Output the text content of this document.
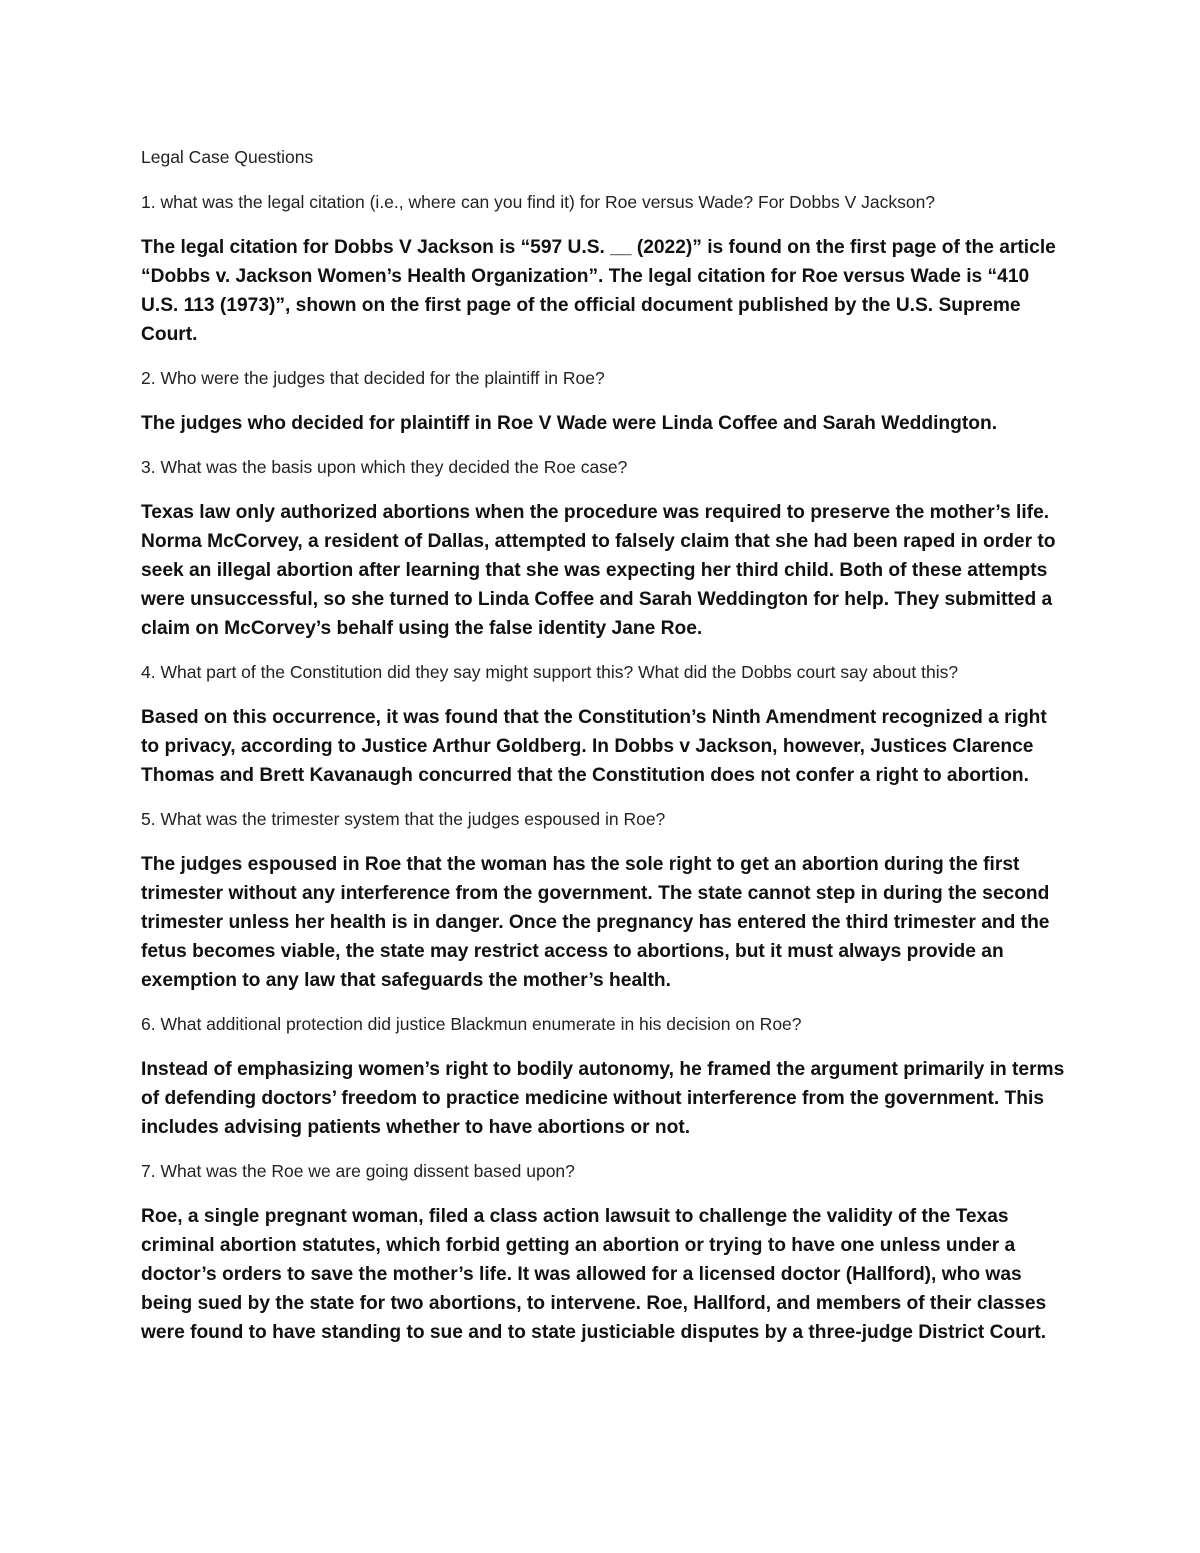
Legal Case Questions

1. what was the legal citation (i.e., where can you find it) for Roe versus Wade? For Dobbs V Jackson?

The legal citation for Dobbs V Jackson is “597 U.S. __ (2022)” is found on the first page of the article “Dobbs v. Jackson Women’s Health Organization”. The legal citation for Roe versus Wade is “410 U.S. 113 (1973)”, shown on the first page of the official document published by the U.S. Supreme Court.

2. Who were the judges that decided for the plaintiff in Roe?

The judges who decided for plaintiff in Roe V Wade were Linda Coffee and Sarah Weddington.

3. What was the basis upon which they decided the Roe case?

Texas law only authorized abortions when the procedure was required to preserve the mother’s life. Norma McCorvey, a resident of Dallas, attempted to falsely claim that she had been raped in order to seek an illegal abortion after learning that she was expecting her third child. Both of these attempts were unsuccessful, so she turned to Linda Coffee and Sarah Weddington for help. They submitted a claim on McCorvey’s behalf using the false identity Jane Roe.

4. What part of the Constitution did they say might support this? What did the Dobbs court say about this?

Based on this occurrence, it was found that the Constitution’s Ninth Amendment recognized a right to privacy, according to Justice Arthur Goldberg. In Dobbs v Jackson, however, Justices Clarence Thomas and Brett Kavanaugh concurred that the Constitution does not confer a right to abortion.

5. What was the trimester system that the judges espoused in Roe?

The judges espoused in Roe that the woman has the sole right to get an abortion during the first trimester without any interference from the government. The state cannot step in during the second trimester unless her health is in danger. Once the pregnancy has entered the third trimester and the fetus becomes viable, the state may restrict access to abortions, but it must always provide an exemption to any law that safeguards the mother’s health.

6. What additional protection did justice Blackmun enumerate in his decision on Roe?

Instead of emphasizing women’s right to bodily autonomy, he framed the argument primarily in terms of defending doctors’ freedom to practice medicine without interference from the government. This includes advising patients whether to have abortions or not.

7. What was the Roe we are going dissent based upon?

Roe, a single pregnant woman, filed a class action lawsuit to challenge the validity of the Texas criminal abortion statutes, which forbid getting an abortion or trying to have one unless under a doctor’s orders to save the mother’s life. It was allowed for a licensed doctor (Hallford), who was being sued by the state for two abortions, to intervene. Roe, Hallford, and members of their classes were found to have standing to sue and to state justiciable disputes by a three-judge District Court.
